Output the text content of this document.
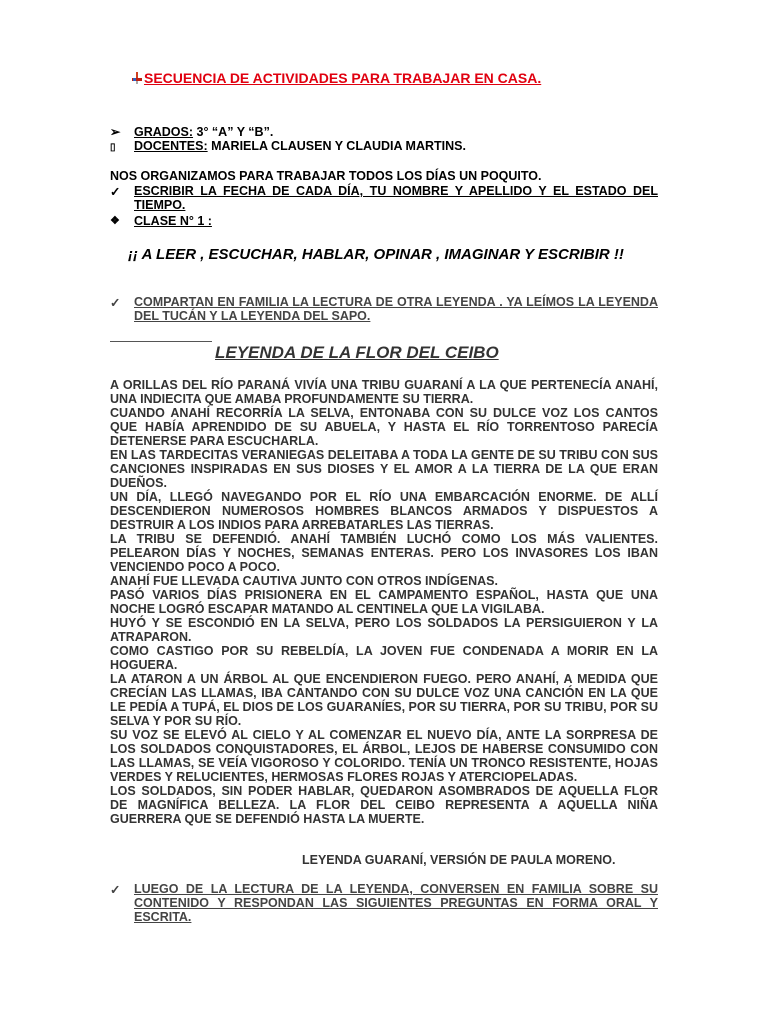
SECUENCIA DE ACTIVIDADES PARA TRABAJAR EN CASA.
➢ GRADOS: 3° “A” Y “B”.
▯ DOCENTES: MARIELA CLAUSEN Y CLAUDIA MARTINS.
NOS ORGANIZAMOS PARA TRABAJAR TODOS LOS DÍAS UN POQUITO.
✓ ESCRIBIR LA FECHA DE CADA DÍA, TU NOMBRE Y APELLIDO Y EL ESTADO DEL TIEMPO.
❖ CLASE N° 1 :
¡¡ A LEER , ESCUCHAR, HABLAR, OPINAR , IMAGINAR Y ESCRIBIR !!
✓ COMPARTAN EN FAMILIA LA LECTURA DE OTRA LEYENDA . YA LEÍMOS LA LEYENDA DEL TUCÁN Y LA LEYENDA DEL SAPO.
LEYENDA DE LA FLOR DEL CEIBO

A ORILLAS DEL RÍO PARANÁ VIVÍA UNA TRIBU GUARANÍ A LA QUE PERTENECÍA ANAHÍ, UNA INDIECITA QUE AMABA PROFUNDAMENTE SU TIERRA.

CUANDO ANAHÍ RECORRÍA LA SELVA, ENTONABA CON SU DULCE VOZ LOS CANTOS QUE HABÍA APRENDIDO DE SU ABUELA, Y HASTA EL RÍO TORRENTOSO PARECÍA DETENERSE PARA ESCUCHARLA.

EN LAS TARDECITAS VERANIEGAS DELEITABA A TODA LA GENTE DE SU TRIBU CON SUS CANCIONES INSPIRADAS EN SUS DIOSES Y EL AMOR A LA TIERRA DE LA QUE ERAN DUEÑOS.

UN DÍA, LLEGÓ NAVEGANDO POR EL RÍO UNA EMBARCACIÓN ENORME. DE ALLÍ DESCENDIERON NUMEROSOS HOMBRES BLANCOS ARMADOS Y DISPUESTOS A DESTRUIR A LOS INDIOS PARA ARREBATARLES LAS TIERRAS.

LA TRIBU SE DEFENDIÓ. ANAHÍ TAMBIÉN LUCHÓ COMO LOS MÁS VALIENTES. PELEARON DÍAS Y NOCHES, SEMANAS ENTERAS. PERO LOS INVASORES LOS IBAN VENCIENDO POCO A POCO.

ANAHÍ FUE LLEVADA CAUTIVA JUNTO CON OTROS INDÍGENAS.

PASÓ VARIOS DÍAS PRISIONERA EN EL CAMPAMENTO ESPAÑOL, HASTA QUE UNA NOCHE LOGRÓ ESCAPAR MATANDO AL CENTINELA QUE LA VIGILABA.

HUYÓ Y SE ESCONDIÓ EN LA SELVA, PERO LOS SOLDADOS LA PERSIGUIERON Y LA ATRAPARON.

COMO CASTIGO POR SU REBELDÍA, LA JOVEN FUE CONDENADA A MORIR EN LA HOGUERA.

LA ATARON A UN ÁRBOL AL QUE ENCENDIERON FUEGO. PERO ANAHÍ, A MEDIDA QUE CRECÍAN LAS LLAMAS, IBA CANTANDO CON SU DULCE VOZ UNA CANCIÓN EN LA QUE LE PEDÍA A TUPÁ, EL DIOS DE LOS GUARANÍES, POR SU TIERRA, POR SU TRIBU, POR SU SELVA Y POR SU RÍO.

SU VOZ SE ELEVÓ AL CIELO Y AL COMENZAR EL NUEVO DÍA, ANTE LA SORPRESA DE LOS SOLDADOS CONQUISTADORES, EL ÁRBOL, LEJOS DE HABERSE CONSUMIDO CON LAS LLAMAS, SE VEÍA VIGOROSO Y COLORIDO. TENÍA UN TRONCO RESISTENTE, HOJAS VERDES Y RELUCIENTES, HERMOSAS FLORES ROJAS Y ATERCIOPELADAS.

LOS SOLDADOS, SIN PODER HABLAR, QUEDARON ASOMBRADOS DE AQUELLA FLOR DE MAGNÍFICA BELLEZA. LA FLOR DEL CEIBO REPRESENTA A AQUELLA NIÑA GUERRERA QUE SE DEFENDIÓ HASTA LA MUERTE.

LEYENDA GUARANÍ, VERSIÓN DE PAULA MORENO.
✓ LUEGO DE LA LECTURA DE LA LEYENDA, CONVERSEN EN FAMILIA SOBRE SU CONTENIDO Y RESPONDAN LAS SIGUIENTES PREGUNTAS EN FORMA ORAL Y ESCRITA.
